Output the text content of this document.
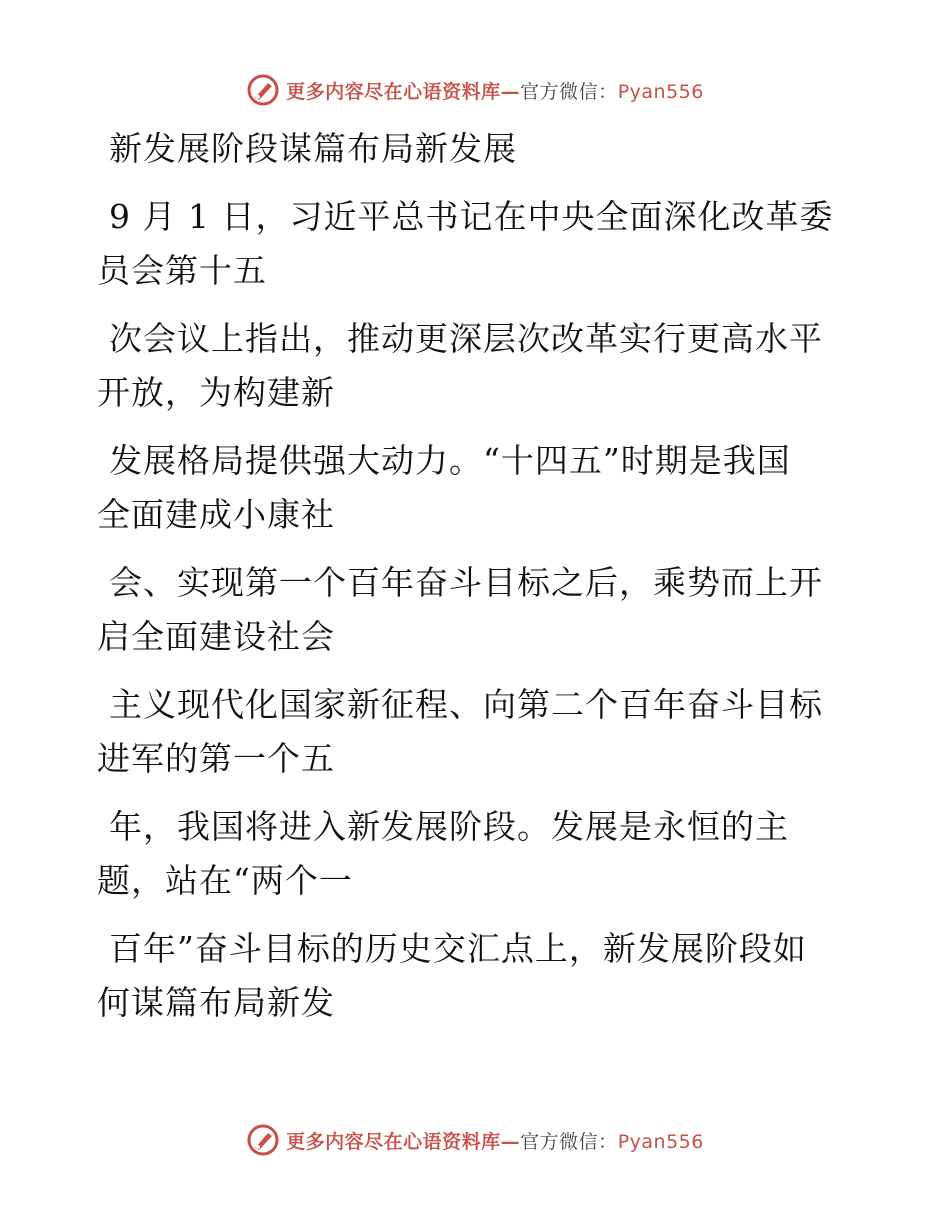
更多内容尽在心语资料库—官方微信：Pyan556
新发展阶段谋篇布局新发展
9 月 1 日，习近平总书记在中央全面深化改革委
员会第十五
次会议上指出，推动更深层次改革实行更高水平
开放，为构建新
发展格局提供强大动力。“十四五”时期是我国
全面建成小康社
会、实现第一个百年奋斗目标之后，乘势而上开
启全面建设社会
主义现代化国家新征程、向第二个百年奋斗目标
进军的第一个五
年，我国将进入新发展阶段。发展是永恒的主
题，站在“两个一
百年”奋斗目标的历史交汇点上，新发展阶段如
何谋篇布局新发
更多内容尽在心语资料库—官方微信：Pyan556
